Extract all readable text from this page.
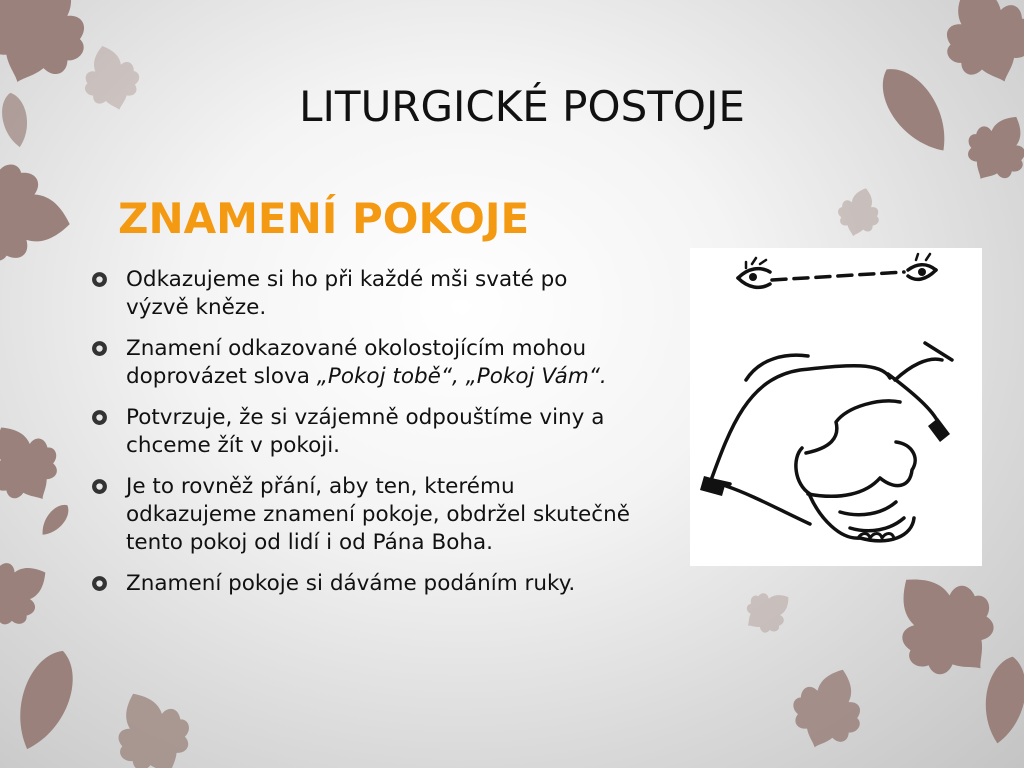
LITURGICKÉ POSTOJE
ZNAMENÍ POKOJE
Odkazujeme si ho při každé mši svaté po výzvě kněze.
Znamení odkazované okolostojícím mohou doprovázet slova „Pokoj tobě“, „Pokoj Vám“.
Potvrzuje, že si vzájemně odpouštíme viny a chceme žít v pokoji.
Je to rovněž přání, aby ten, kterému odkazujeme znamení pokoje, obdržel skutečně tento pokoj od lidí i od Pána Boha.
Znamení pokoje si dáváme podáním ruky.
